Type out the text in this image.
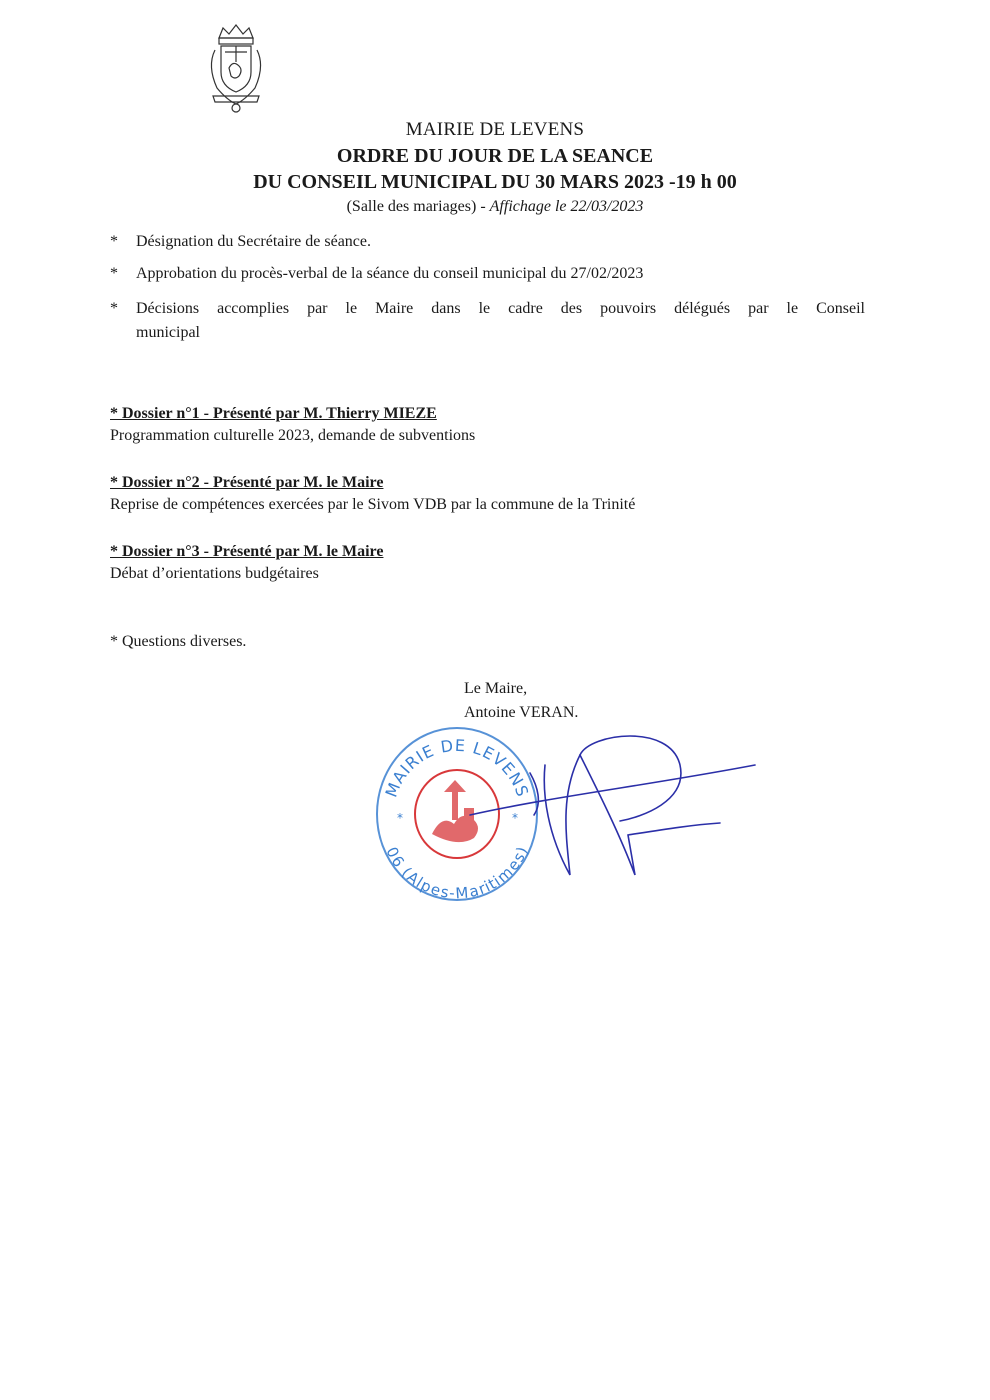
MAIRIE DE LEVENS
ORDRE DU JOUR DE LA SEANCE
DU CONSEIL MUNICIPAL DU 30 MARS 2023 -19 h 00
(Salle des mariages) - Affichage le 22/03/2023
*	Désignation du Secrétaire de séance.
*	Approbation du procès-verbal de la séance du conseil municipal du 27/02/2023
*	Décisions accomplies par le Maire dans le cadre des pouvoirs délégués par le Conseil
municipal
* Dossier n°1 - Présenté par M. Thierry MIEZE
Programmation culturelle 2023, demande de subventions
* Dossier n°2 - Présenté par M. le Maire
Reprise de compétences exercées par le Sivom VDB par la commune de la Trinité
* Dossier n°3 - Présenté par M. le Maire
Débat d’orientations budgétaires
* Questions diverses.
Le Maire,
Antoine VERAN.
MAIRIE DE LEVENS
06 (Alpes-Maritimes)
*	*
